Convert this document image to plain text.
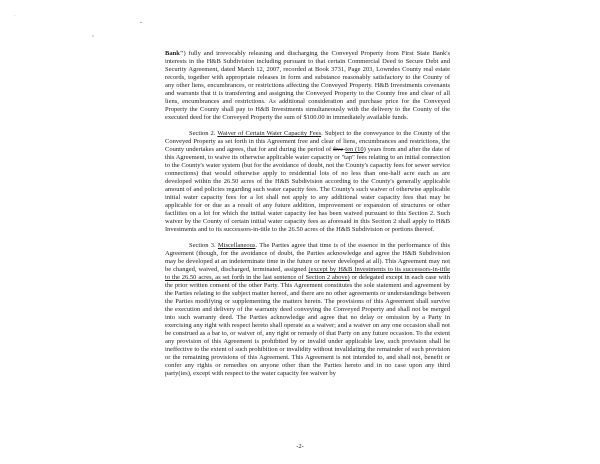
-
"
·

Bank") fully and irrevocably releasing and discharging the Conveyed Property from First State Bank's interests in the H&B Subdivision including pursuant to that certain Commercial Deed to Secure Debt and Security Agreement, dated March 12, 2007, recorded at Book 3731, Page 203, Lowndes County real estate records, together with appropriate releases in form and substance reasonably satisfactory to the County of any other liens, encumbrances, or restrictions affecting the Conveyed Property. H&B Investments covenants and warrants that it is transferring and assigning the Conveyed Property to the County free and clear of all liens, encumbrances and restrictions. As additional consideration and purchase price for the Conveyed Property the County shall pay to H&B Investments simultaneously with the delivery to the County of the executed deed for the Conveyed Property the sum of $100.00 in immediately available funds.

Section 2. Waiver of Certain Water Capacity Fees. Subject to the conveyance to the County of the Conveyed Property as set forth in this Agreement free and clear of liens, encumbrances and restrictions, the County undertakes and agrees, that for and during the period of five-ten (10) years from and after the date of this Agreement, to waive its otherwise applicable water capacity or "tap" fees relating to an initial connection to the County's water system (but for the avoidance of doubt, not the County's capacity fees for sewer service connections) that would otherwise apply to residential lots of no less than one-half acre each as are developed within the 26.50 acres of the H&B Subdivision according to the County's generally applicable amount of and policies regarding such water capacity fees. The County's such waiver of otherwise applicable initial water capacity fees for a lot shall not apply to any additional water capacity fees that may be applicable for or due as a result of any future addition, improvement or expansion of structures or other facilities on a lot for which the initial water capacity fee has been waived pursuant to this Section 2. Such waiver by the County of certain initial water capacity fees as aforesaid in this Section 2 shall apply to H&B Investments and to its successors-in-title to the 26.50 acres of the H&B Subdivision or portions thereof.

Section 3. Miscellaneous. The Parties agree that time is of the essence in the performance of this Agreement (though, for the avoidance of doubt, the Parties acknowledge and agree the H&B Subdivision may be developed at an indeterminate time in the future or never developed at all). This Agreement may not be changed, waived, discharged, terminated, assigned (except by H&B Investments to its successors-in-title to the 26.50 acres, as set forth in the last sentence of Section 2 above) or delegated except in each case with the prior written consent of the other Party. This Agreement constitutes the sole statement and agreement by the Parties relating to the subject matter hereof, and there are no other agreements or understandings between the Parties modifying or supplementing the matters herein. The provisions of this Agreement shall survive the execution and delivery of the warranty deed conveying the Conveyed Property and shall not be merged into such warranty deed. The Parties acknowledge and agree that no delay or omission by a Party in exercising any right with respect hereto shall operate as a waiver; and a waiver on any one occasion shall not be construed as a bar to, or waiver of, any right or remedy of that Party on any future occasion. To the extent any provision of this Agreement is prohibited by or invalid under applicable law, such provision shall be ineffective to the extent of such prohibition or invalidity without invalidating the remainder of such provision or the remaining provisions of this Agreement. This Agreement is not intended to, and shall not, benefit or confer any rights or remedies on anyone other than the Parties hereto and in no case upon any third party(ies), except with respect to the water capacity fee waiver by

-2-
